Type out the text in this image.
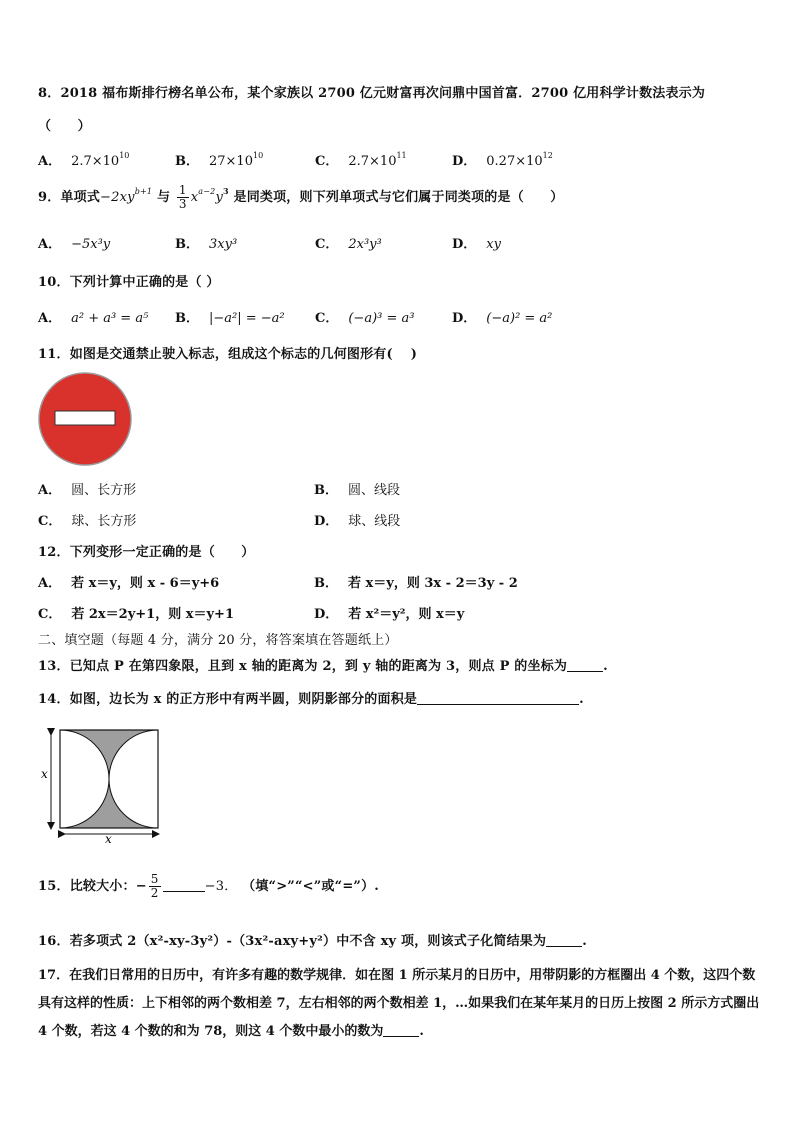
8．2018 福布斯排行榜名单公布，某个家族以 2700 亿元财富再次问鼎中国首富．2700 亿用科学计数法表示为
（　　）
A． $2.7\times 10^{10}$	B． $27\times 10^{10}$	C． $2.7\times 10^{11}$	D． $0.27\times 10^{12}$
9．单项式$-2xy^{b+1}$ 与 $\frac{1}{3} x^{a-2}y^3$ 是同类项，则下列单项式与它们属于同类项的是（　　）
A． −5x³y	B． 3xy³	C． 2x³y³	D． xy
10．下列计算中正确的是（ ）
A． a² + a³ = a⁵ B． |−a²| = −a² C． (−a)³ = a³	D． (−a)² = a²
11．如图是交通禁止驶入标志，组成这个标志的几何图形有(　 )
A． 圆、长方形	B． 圆、线段
C． 球、长方形	D． 球、线段
12．下列变形一定正确的是（　　）
A． 若 x＝y，则 x - 6＝y+6	B． 若 x＝y，则 3x - 2＝3y - 2
C． 若 2x＝2y+1，则 x＝y+1	D． 若 x²＝y²，则 x＝y
二、填空题（每题 4 分，满分 20 分，将答案填在答题纸上）
13．已知点 P 在第四象限，且到 x 轴的距离为 2，到 y 轴的距离为 3，则点 P 的坐标为	.
14．如图，边长为 x 的正方形中有两半圆，则阴影部分的面积是	.
x
x
15．比较大小：− $\frac{5}{2}$	−3． （填“>”“<”或“=”）.
16．若多项式 2（x²-xy-3y²）-（3x²-axy+y²）中不含 xy 项，则该式子化简结果为	.
17．在我们日常用的日历中，有许多有趣的数学规律．如在图 1 所示某月的日历中，用带阴影的方框圈出 4 个数，这四个数具有这样的性质：上下相邻的两个数相差 7，左右相邻的两个数相差 1，…如果我们在某年某月的日历上按图 2 所示方式圈出 4 个数，若这 4 个数的和为 78，则这 4 个数中最小的数为	.
